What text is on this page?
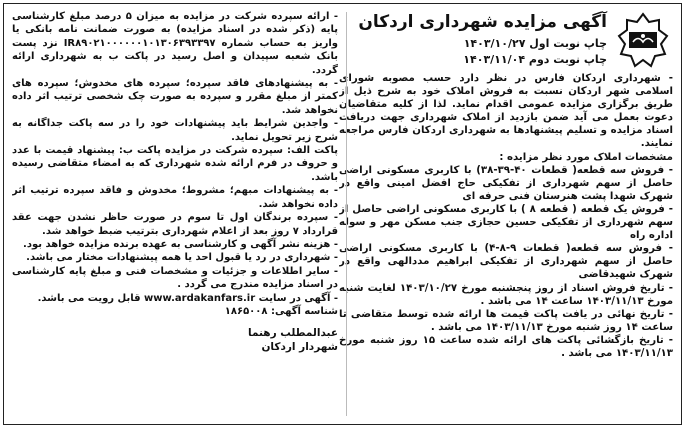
آگهی مزایده شهرداری اردکان
چاپ نوبت اول ۱۴۰۳/۱۰/۲۷
چاپ نوبت دوم ۱۴۰۳/۱۱/۰۴

- شهرداری اردکان فارس در نظر دارد حسب مصوبه شورای اسلامی شهر اردکان نسبت به فروش املاک خود به شرح ذیل از طریق برگزاری مزایده عمومی اقدام نماید. لذا از کلیه متقاضیان دعوت بعمل می آید ضمن بازدید از املاک شهرداری جهت دریافت اسناد مزایده و تسلیم پیشنهادها به شهرداری اردکان فارس مراجعه نمایند.

مشخصات املاک مورد نظر مزایده :

- فروش سه قطعه( قطعات ۴۰-۳۹-۳۸) با کاربری مسکونی اراضی حاصل از سهم شهرداری از تفکیکی حاج افضل امینی واقع در شهرک شهدا پشت هنرستان فنی حرفه ای

- فروش یک قطعه ( قطعه ۸ ) با کاربری مسکونی اراضی حاصل از سهم شهرداری از تفکیکی حسین حجازی جنب مسکن مهر و سوله اداره راه

- فروش سه قطعه( قطعات ۹-۸-۴) با کاربری مسکونی اراضی حاصل از سهم شهرداری از تفکیکی ابراهیم مددالهی واقع در شهرک شهیدقاضی

- تاریخ فروش اسناد از روز پنجشنبه مورخ ۱۴۰۳/۱۰/۲۷ لغایت شنبه مورخ ۱۴۰۳/۱۱/۱۳ ساعت ۱۴ می باشد .

- تاریخ نهائی در یافت پاکت قیمت ها ارائه شده توسط متقاضی تا ساعت ۱۴ روز شنبه مورخ ۱۴۰۳/۱۱/۱۳ می باشد .

- تاریخ بازگشائی پاکت های ارائه شده ساعت ۱۵ روز شنبه مورخ ۱۴۰۳/۱۱/۱۳ می باشد .

- ارائه سپرده شرکت در مزایده به میزان ۵ درصد مبلغ کارشناسی پایه (ذکر شده در اسناد مزایده) به صورت ضمانت نامه بانکی یا واریز به حساب شماره IR۸۹۰۲۱۰۰۰۰۰۰۱۰۱۳۰۶۳۹۳۳۹۷ نزد پست بانک شعبه سپیدان و اصل رسید در پاکت ب به شهرداری ارائه گردد.

- به پیشنهادهای فاقد سپرده؛ سپرده های مخدوش؛ سپرده های کمتر از مبلغ مقرر و سپرده به صورت چک شخصی ترتیب اثر داده نخواهد شد.

- واجدین شرایط باید پیشنهادات خود را در سه پاکت جداگانه به شرح زیر تحویل نماید.

پاکت الف: سپرده شرکت در مزایده پاکت ب: پیشنهاد قیمت با عدد و حروف در فرم ارائه شده شهرداری که به امضاء متقاضی رسیده باشد.

- به پیشنهادات مبهم؛ مشروط؛ مخدوش و فاقد سپرده ترتیب اثر داده نخواهد شد.

- سپرده برندگان اول تا سوم در صورت حاظر نشدن جهت عقد قرارداد ۷ روز بعد از اعلام شهرداری بترتیب ضبط خواهد شد.

- هزینه نشر آگهی و کارشناسی به عهده برنده مزایده خواهد بود.

- شهرداری در رد یا قبول احد یا همه پیشنهادات مختار می باشد.

- سایر اطلاعات و جزئیات و مشخصات فنی و مبلغ پایه کارشناسی در اسناد مزایده مندرج می گردد .

- آگهی در سایت www.ardakanfars.ir قابل رویت می باشد.

شناسه آگهی: ۱۸۶۵۰۰۸

عبدالمطلب رهنما
شهردار اردکان
